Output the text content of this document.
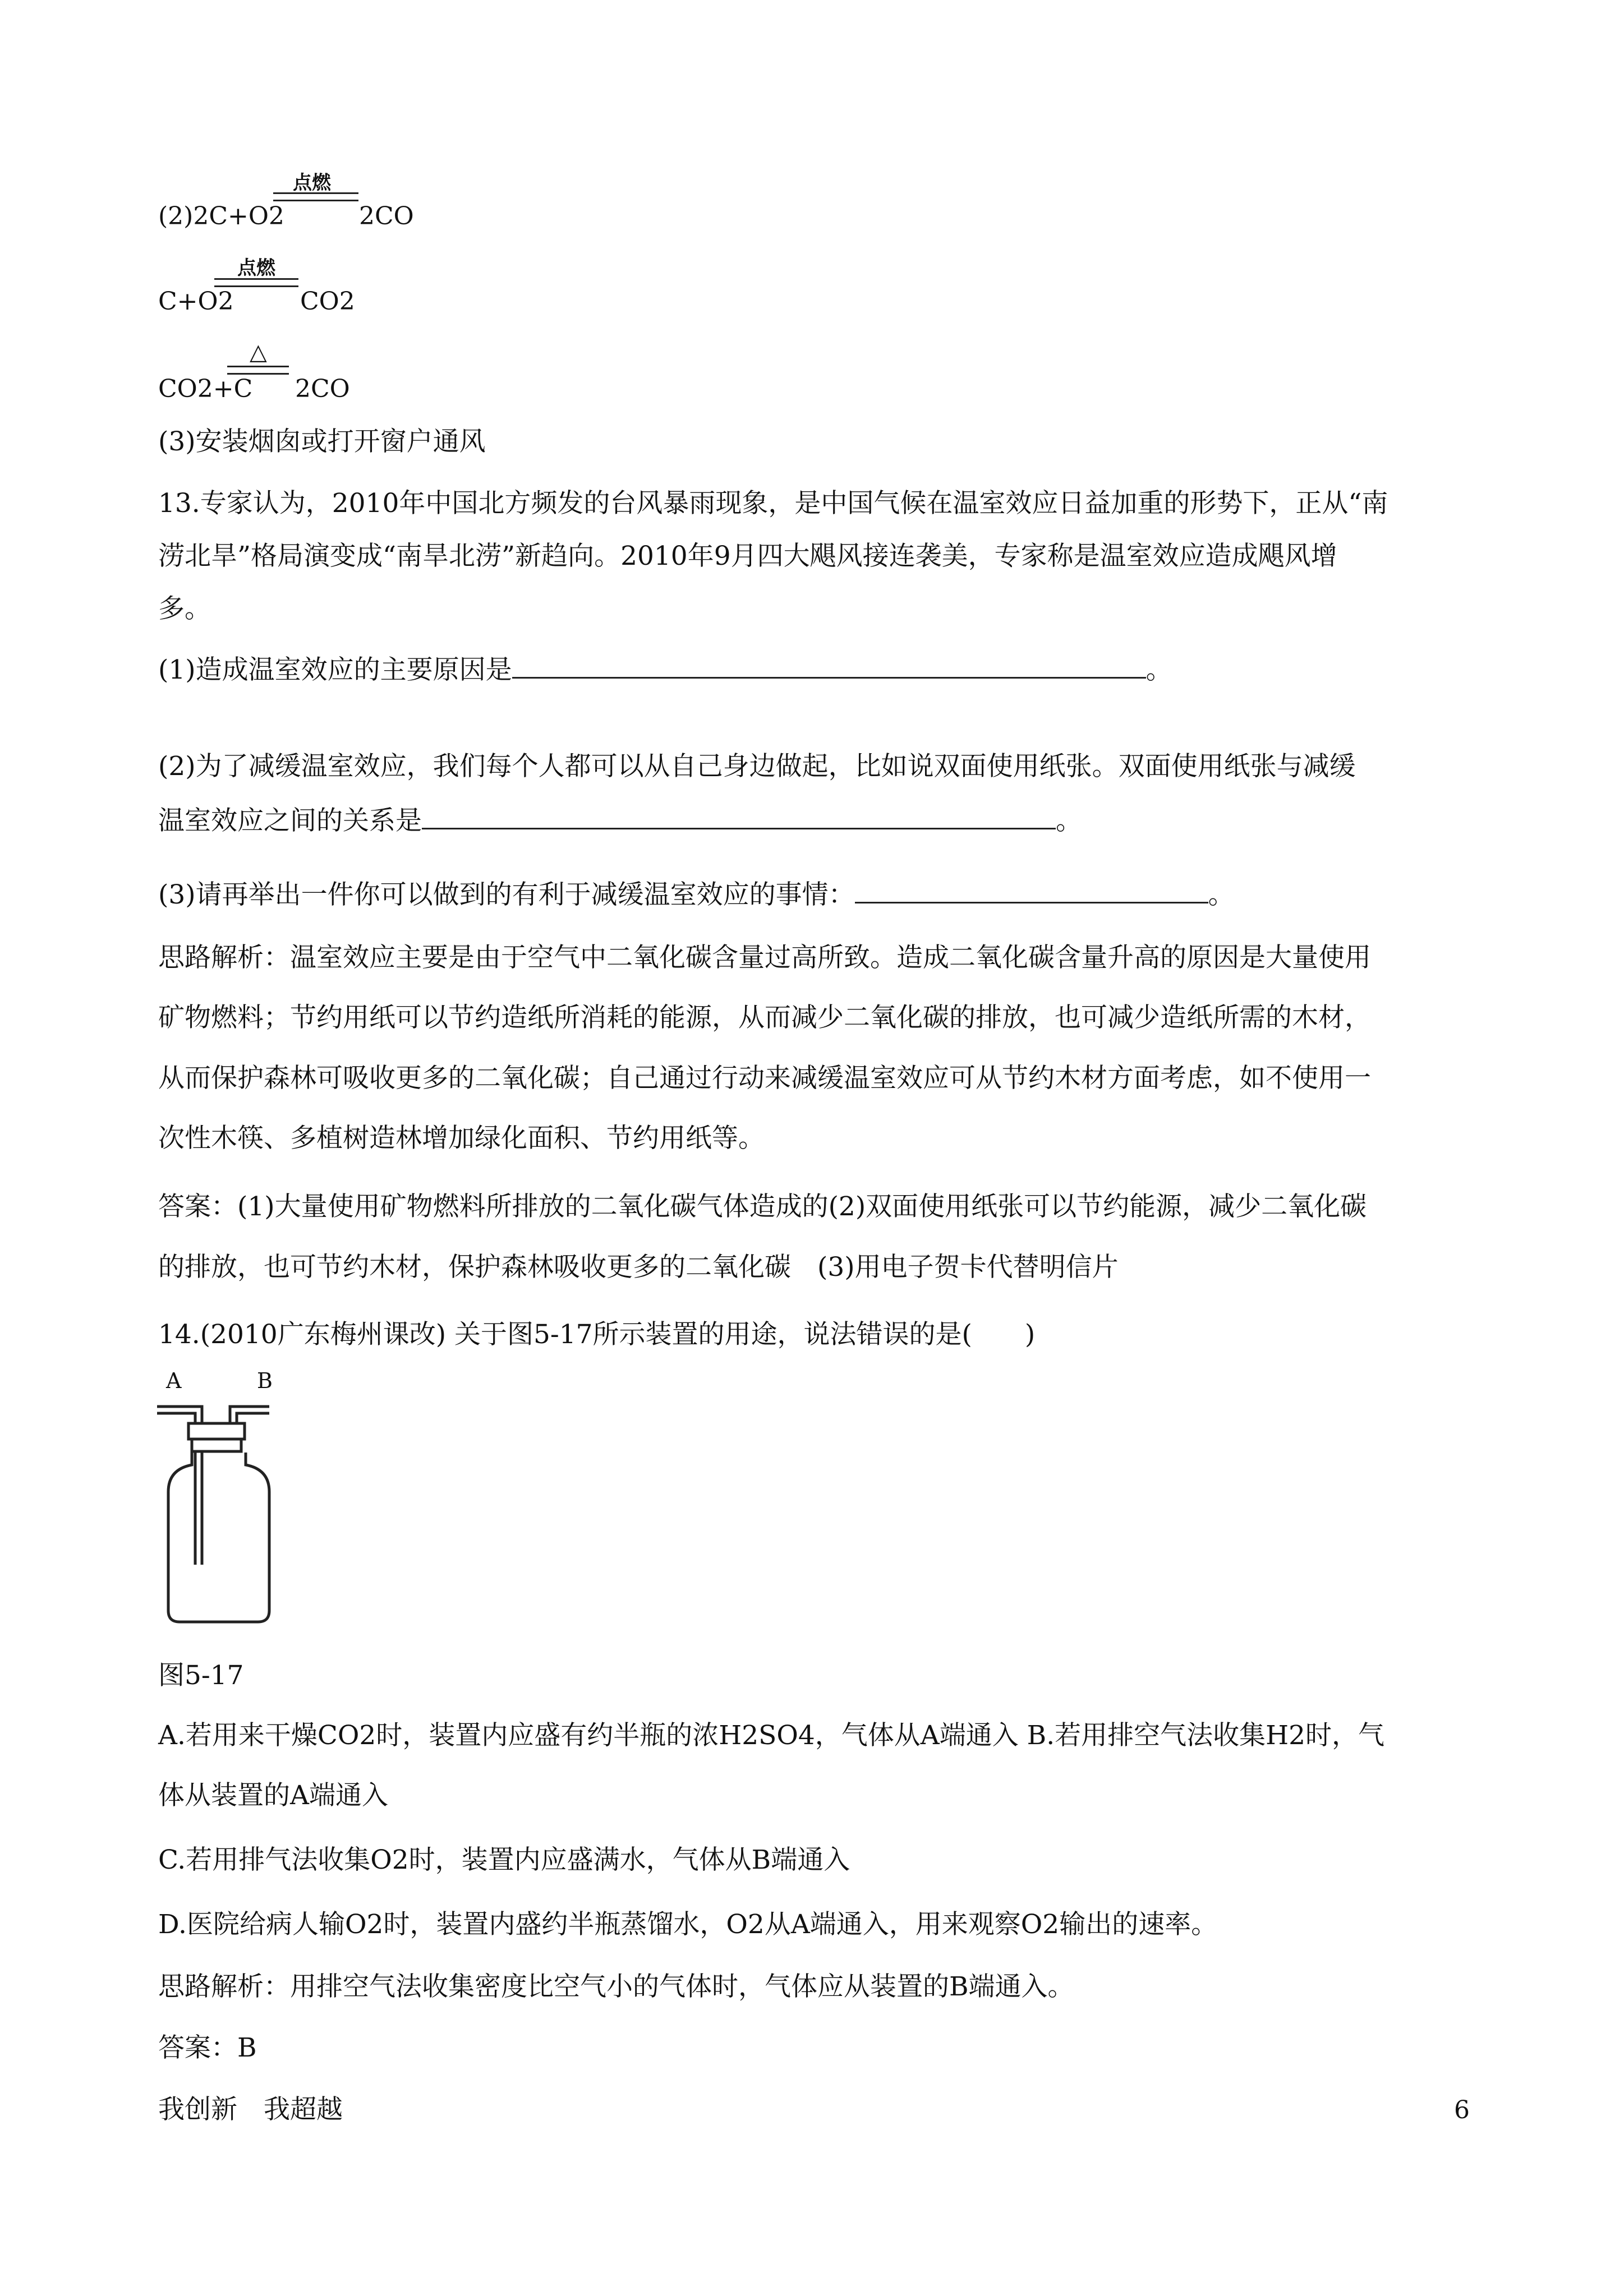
点燃
(2)2C+O2	2CO
点燃
C+O2	CO2
△
CO2+C 2CO
(3)安装烟囱或打开窗户通风
13.专家认为，2010年中国北方频发的台风暴雨现象，是中国气候在温室效应日益加重的形势下，正从“南
涝北旱”格局演变成“南旱北涝”新趋向。2010年9月四大飓风接连袭美，专家称是温室效应造成飓风增
多。
(1)造成温室效应的主要原因是	。
(2)为了减缓温室效应，我们每个人都可以从自己身边做起，比如说双面使用纸张。双面使用纸张与减缓
温室效应之间的关系是	。
(3)请再举出一件你可以做到的有利于减缓温室效应的事情：	。
思路解析：温室效应主要是由于空气中二氧化碳含量过高所致。造成二氧化碳含量升高的原因是大量使用
矿物燃料；节约用纸可以节约造纸所消耗的能源，从而减少二氧化碳的排放，也可减少造纸所需的木材，
从而保护森林可吸收更多的二氧化碳；自己通过行动来减缓温室效应可从节约木材方面考虑，如不使用一
次性木筷、多植树造林增加绿化面积、节约用纸等。
答案：(1)大量使用矿物燃料所排放的二氧化碳气体造成的(2)双面使用纸张可以节约能源，减少二氧化碳
的排放，也可节约木材，保护森林吸收更多的二氧化碳　(3)用电子贺卡代替明信片
14.(2010广东梅州课改) 关于图5-17所示装置的用途，说法错误的是(　　)
A	B
图5-17
A.若用来干燥CO2时，装置内应盛有约半瓶的浓H2SO4，气体从A端通入 B.若用排空气法收集H2时，气
体从装置的A端通入
C.若用排气法收集O2时，装置内应盛满水，气体从B端通入
D.医院给病人输O2时，装置内盛约半瓶蒸馏水，O2从A端通入，用来观察O2输出的速率。
思路解析：用排空气法收集密度比空气小的气体时，气体应从装置的B端通入。
答案：B
我创新　我超越	6
